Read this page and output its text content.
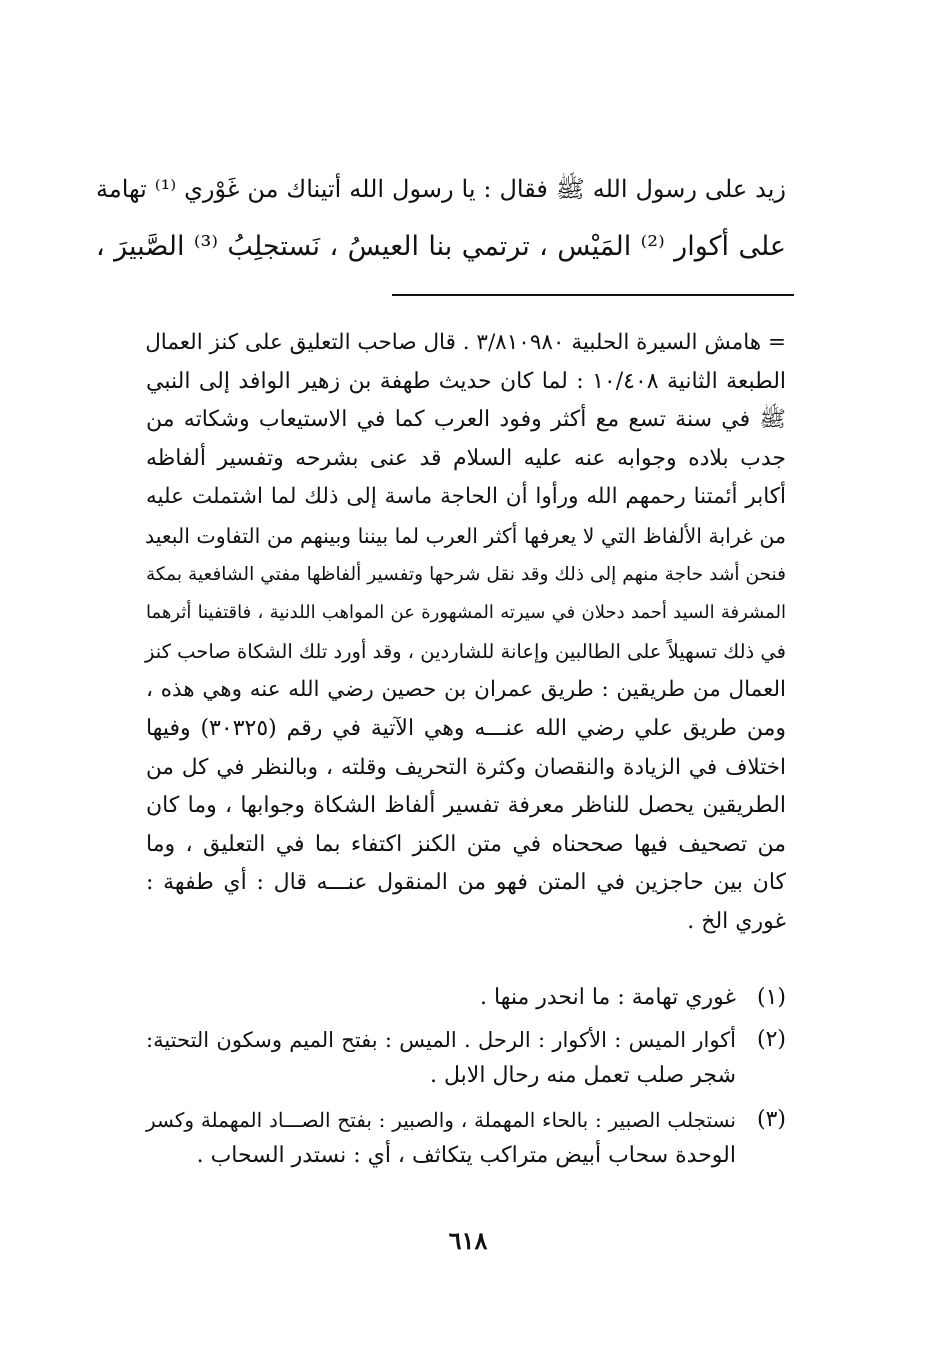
زيد على رسول الله ﷺ فقال : يا رسول الله أتيناك من غَوْري ⁽¹⁾ تهامة
على أكوار ⁽²⁾ المَيْس ، ترتمي بنا العيسُ ، نَستجلِبُ ⁽³⁾ الصَّبيرَ ،
= هامش السيرة الحلبية ٣/٨١٠٩٨٠ . قال صاحب التعليق على كنز العمال
الطبعة الثانية ١٠/٤٠٨ : لما كان حديث طهفة بن زهير الوافد إلى النبي
ﷺ في سنة تسع مع أكثر وفود العرب كما في الاستيعاب وشكاته من
جدب بلاده وجوابه عنه عليه السلام قد عنى بشرحه وتفسير ألفاظه
أكابر أئمتنا رحمهم الله ورأوا أن الحاجة ماسة إلى ذلك لما اشتملت عليه
من غرابة الألفاظ التي لا يعرفها أكثر العرب لما بيننا وبينهم من التفاوت البعيد
فنحن أشد حاجة منهم إلى ذلك وقد نقل شرحها وتفسير ألفاظها مفتي الشافعية بمكة
المشرفة السيد أحمد دحلان في سيرته المشهورة عن المواهب اللدنية ، فاقتفينا أثرهما
في ذلك تسهيلاً على الطالبين وإعانة للشاردين ، وقد أورد تلك الشكاة صاحب كنز
العمال من طريقين : طريق عمران بن حصين رضي الله عنه وهي هذه ،
ومن طريق علي رضي الله عنـــه وهي الآتية في رقم (٣٠٣٢٥) وفيها
اختلاف في الزيادة والنقصان وكثرة التحريف وقلته ، وبالنظر في كل من
الطريقين يحصل للناظر معرفة تفسير ألفاظ الشكاة وجوابها ، وما كان
من تصحيف فيها صححناه في متن الكنز اكتفاء بما في التعليق ، وما
كان بين حاجزين في المتن فهو من المنقول عنـــه قال : أي طفهة :
غوري الخ .
(١)
غوري تهامة : ما انحدر منها .
(٢)
أكوار الميس : الأكوار : الرحل . الميس : بفتح الميم وسكون التحتية:
شجر صلب تعمل منه رحال الابل .
(٣)
نستجلب الصبير : بالحاء المهملة ، والصبير : بفتح الصـــاد المهملة وكسر
الوحدة سحاب أبيض متراكب يتكاثف ، أي : نستدر السحاب .
٦١٨
